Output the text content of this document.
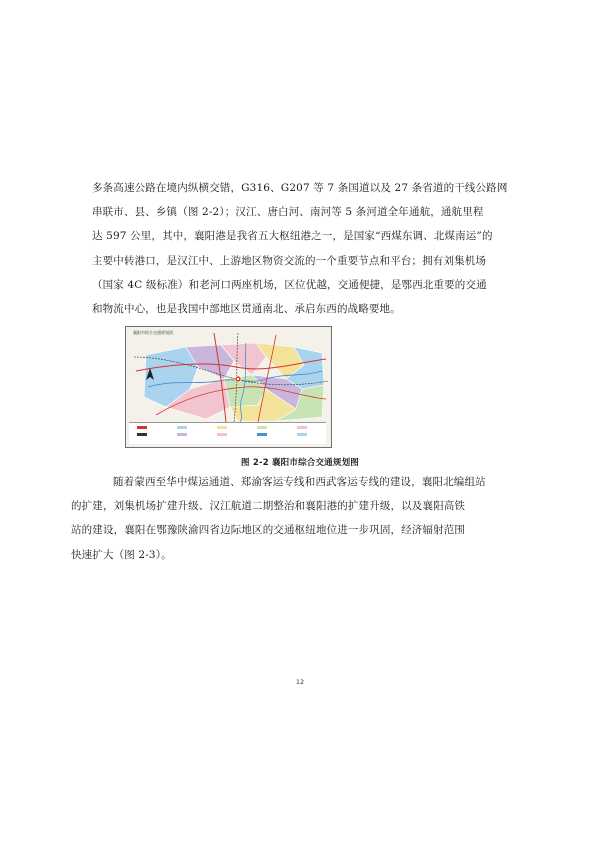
多条高速公路在境内纵横交错，G316、G207 等 7 条国道以及 27 条省道的干线公路网
串联市、县、乡镇（图 2-2）；汉江、唐白河、南河等 5 条河道全年通航，通航里程
达 597 公里，其中，襄阳港是我省五大枢纽港之一，是国家“西煤东调、北煤南运”的
主要中转港口，是汉江中、上游地区物资交流的一个重要节点和平台；拥有刘集机场
（国家 4C 级标准）和老河口两座机场，区位优越，交通便捷，是鄂西北重要的交通
和物流中心，也是我国中部地区贯通南北、承启东西的战略要地。
襄阳市综合交通规划图
图 2-2 襄阳市综合交通规划图
随着蒙西至华中煤运通道、郑渝客运专线和西武客运专线的建设，襄阳北编组站
的扩建，刘集机场扩建升级、汉江航道二期整治和襄阳港的扩建升级，以及襄阳高铁
站的建设，襄阳在鄂豫陕渝四省边际地区的交通枢纽地位进一步巩固，经济辐射范围
快速扩大（图 2-3）。
12
